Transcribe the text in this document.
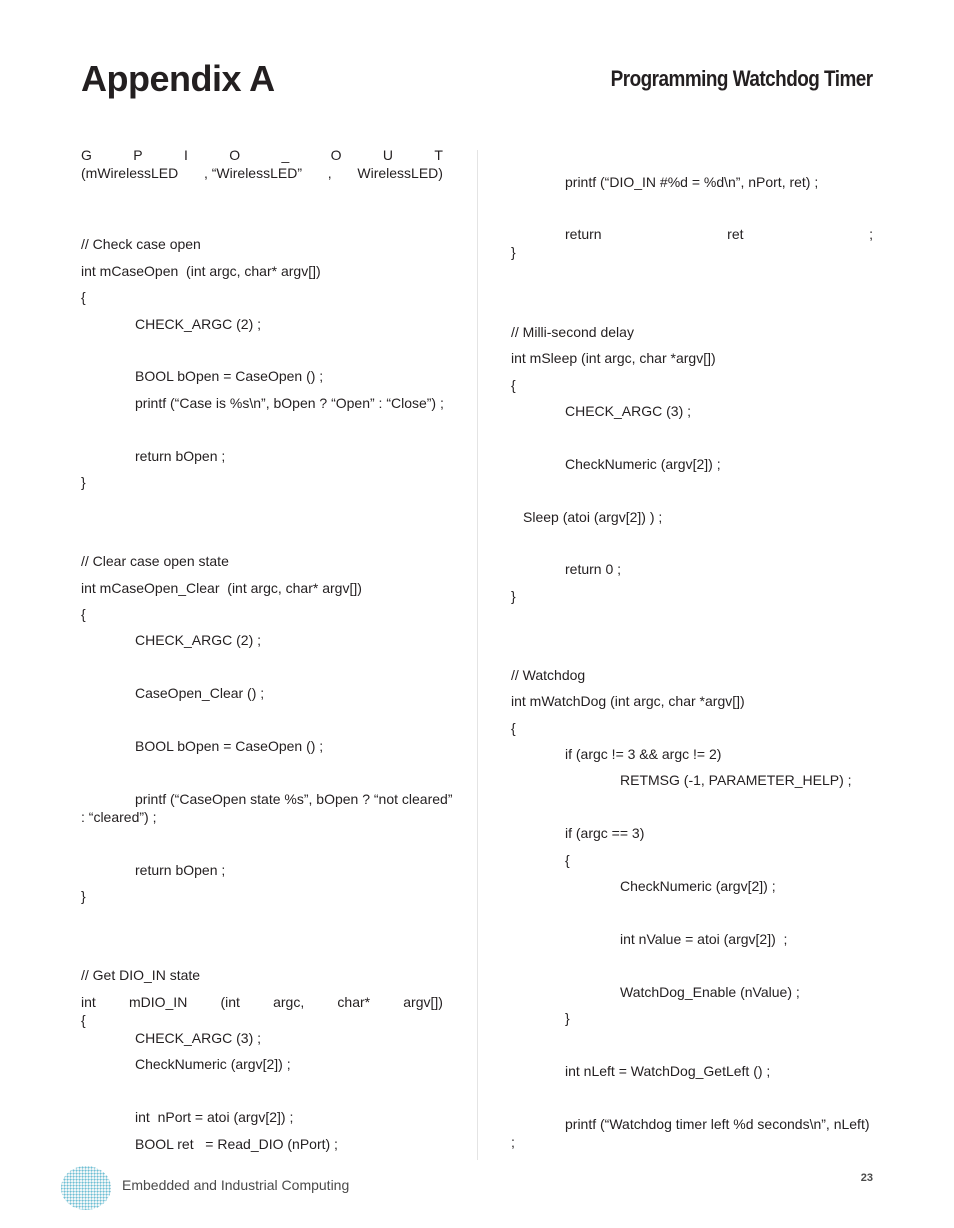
Appendix A	Programming Watchdog Timer
G	P	I	O	_	O	U	T
(mWirelessLED , “WirelessLED” , WirelessLED)
// Check case open
int mCaseOpen  (int argc, char* argv[])
{
CHECK_ARGC (2) ;
BOOL bOpen = CaseOpen () ;
printf (“Case is %s\n”, bOpen ? “Open” : “Close”) ;
return bOpen ;
}
// Clear case open state
int mCaseOpen_Clear  (int argc, char* argv[])
{
CHECK_ARGC (2) ;
CaseOpen_Clear () ;
BOOL bOpen = CaseOpen () ;
printf (“CaseOpen state %s”, bOpen ? “not cleared”
: “cleared”) ;
return bOpen ;
}
// Get DIO_IN state
int mDIO_IN (int argc, char* argv[])
{
CHECK_ARGC (3) ;
CheckNumeric (argv[2]) ;
int  nPort = atoi (argv[2]) ;
BOOL ret   = Read_DIO (nPort) ;
printf (“DIO_IN #%d = %d\n”, nPort, ret) ;
return	ret	;
}
// Milli-second delay
int mSleep (int argc, char *argv[])
{
CHECK_ARGC (3) ;
CheckNumeric (argv[2]) ;
Sleep (atoi (argv[2]) ) ;
return 0 ;
}
// Watchdog
int mWatchDog (int argc, char *argv[])
{
if (argc != 3 && argc != 2)
RETMSG (-1, PARAMETER_HELP) ;
if (argc == 3)
{
CheckNumeric (argv[2]) ;
int nValue = atoi (argv[2])  ;
WatchDog_Enable (nValue) ;
}
int nLeft = WatchDog_GetLeft () ;
printf (“Watchdog timer left %d seconds\n”, nLeft)
;
Embedded and Industrial Computing	23
